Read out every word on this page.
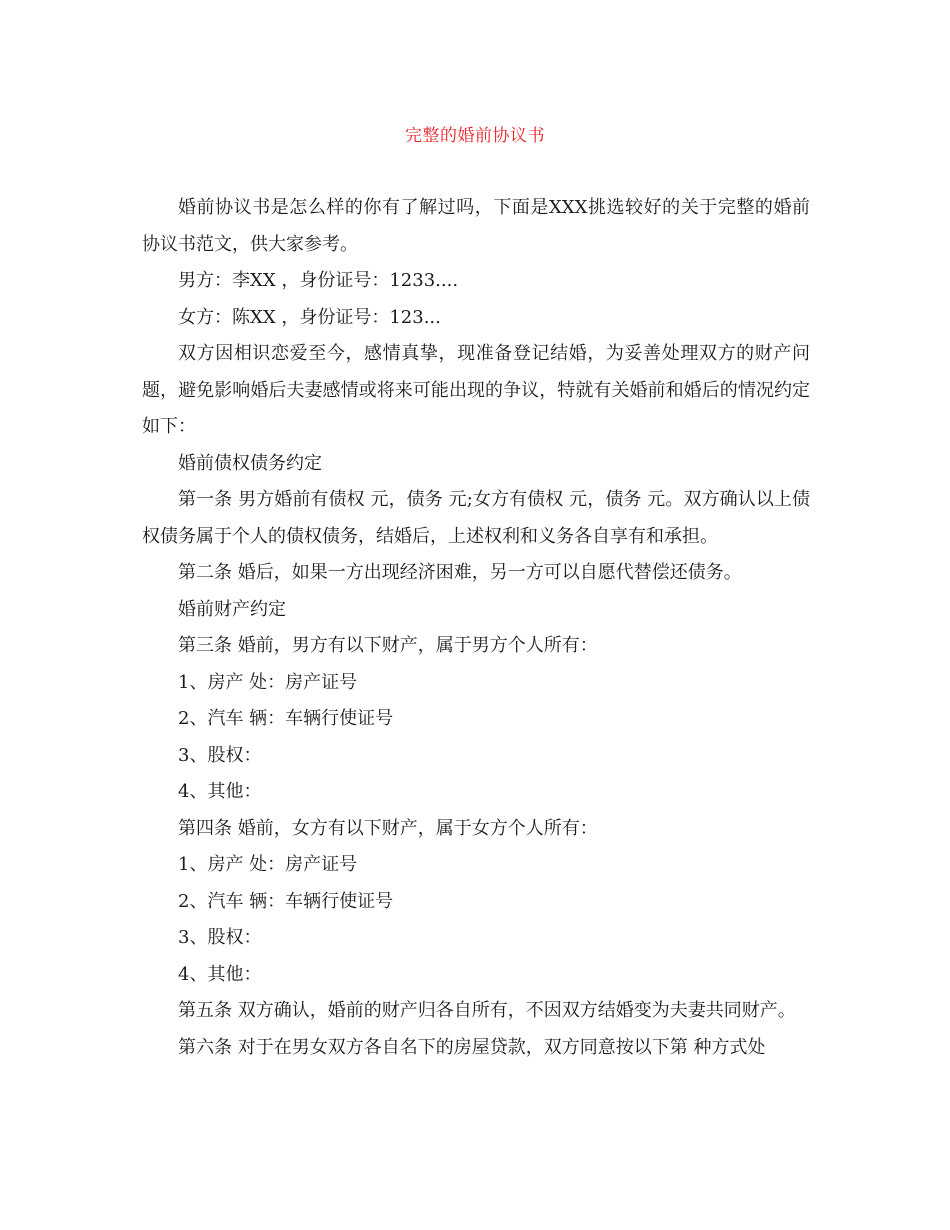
完整的婚前协议书

婚前协议书是怎么样的你有了解过吗，下面是XXX挑选较好的关于完整的婚前协议书范文，供大家参考。

男方：李XX ，身份证号：1233....

女方：陈XX ，身份证号：123...

双方因相识恋爱至今，感情真挚，现准备登记结婚，为妥善处理双方的财产问题，避免影响婚后夫妻感情或将来可能出现的争议，特就有关婚前和婚后的情况约定如下：

婚前债权债务约定

第一条 男方婚前有债权 元，债务 元;女方有债权 元，债务 元。双方确认以上债权债务属于个人的债权债务，结婚后，上述权利和义务各自享有和承担。

第二条 婚后，如果一方出现经济困难，另一方可以自愿代替偿还债务。

婚前财产约定

第三条 婚前，男方有以下财产，属于男方个人所有：

1、房产 处：房产证号

2、汽车 辆：车辆行使证号

3、股权：

4、其他：

第四条 婚前，女方有以下财产，属于女方个人所有：

1、房产 处：房产证号

2、汽车 辆：车辆行使证号

3、股权：

4、其他：

第五条 双方确认，婚前的财产归各自所有，不因双方结婚变为夫妻共同财产。

第六条 对于在男女双方各自名下的房屋贷款，双方同意按以下第 种方式处
